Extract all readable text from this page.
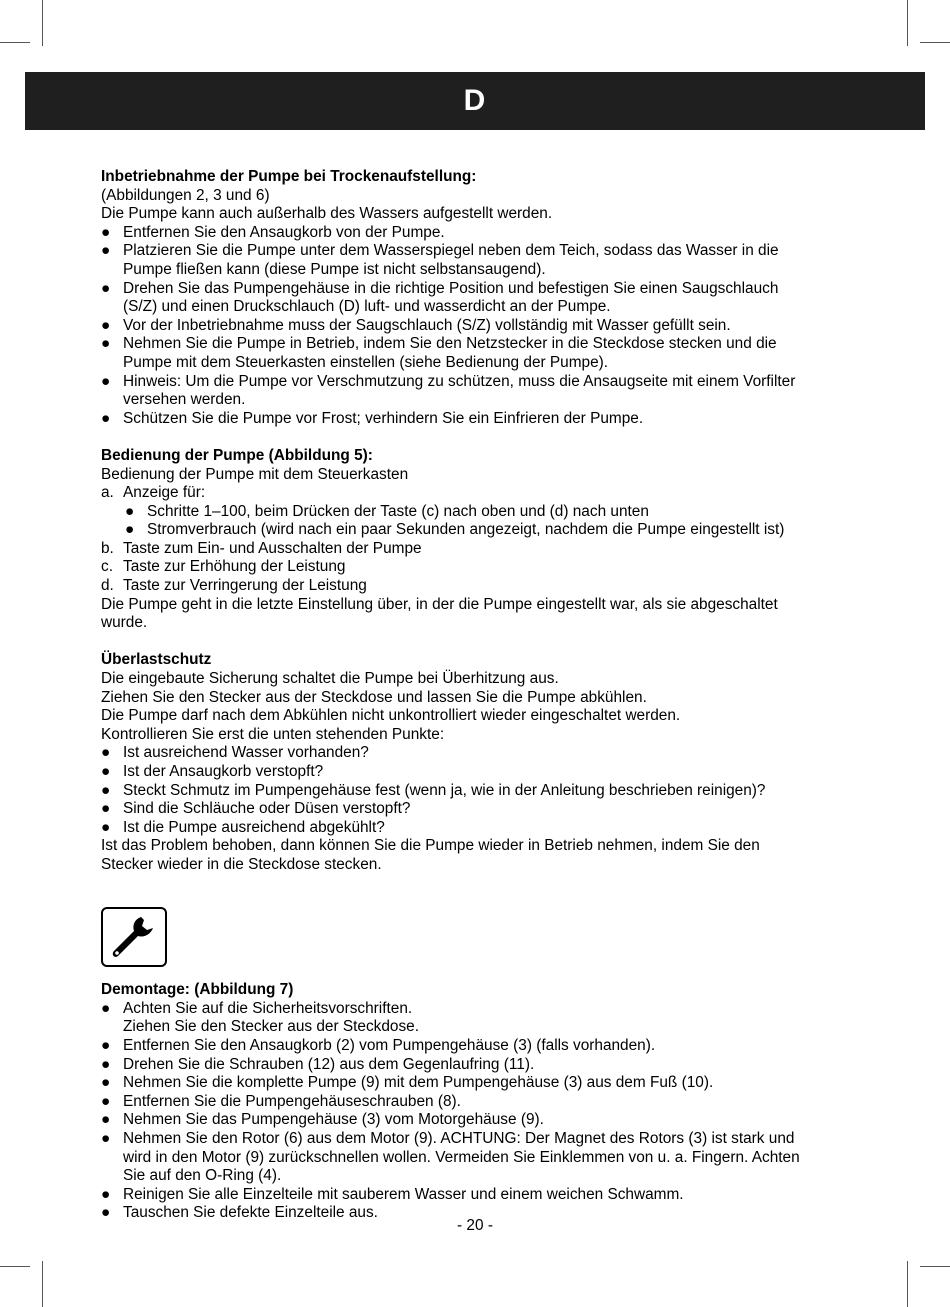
D
Inbetriebnahme der Pumpe bei Trockenaufstellung:
(Abbildungen 2, 3 und 6)
Die Pumpe kann auch außerhalb des Wassers aufgestellt werden.
● Entfernen Sie den Ansaugkorb von der Pumpe.
● Platzieren Sie die Pumpe unter dem Wasserspiegel neben dem Teich, sodass das Wasser in die
Pumpe fließen kann (diese Pumpe ist nicht selbstansaugend).
● Drehen Sie das Pumpengehäuse in die richtige Position und befestigen Sie einen Saugschlauch
(S/Z) und einen Druckschlauch (D) luft- und wasserdicht an der Pumpe.
● Vor der Inbetriebnahme muss der Saugschlauch (S/Z) vollständig mit Wasser gefüllt sein.
● Nehmen Sie die Pumpe in Betrieb, indem Sie den Netzstecker in die Steckdose stecken und die
Pumpe mit dem Steuerkasten einstellen (siehe Bedienung der Pumpe).
● Hinweis: Um die Pumpe vor Verschmutzung zu schützen, muss die Ansaugseite mit einem Vorfilter
versehen werden.
● Schützen Sie die Pumpe vor Frost; verhindern Sie ein Einfrieren der Pumpe.
Bedienung der Pumpe (Abbildung 5):
Bedienung der Pumpe mit dem Steuerkasten
a. Anzeige für:
● Schritte 1–100, beim Drücken der Taste (c) nach oben und (d) nach unten
● Stromverbrauch (wird nach ein paar Sekunden angezeigt, nachdem die Pumpe eingestellt ist)
b. Taste zum Ein- und Ausschalten der Pumpe
c. Taste zur Erhöhung der Leistung
d. Taste zur Verringerung der Leistung
Die Pumpe geht in die letzte Einstellung über, in der die Pumpe eingestellt war, als sie abgeschaltet
wurde.
Überlastschutz
Die eingebaute Sicherung schaltet die Pumpe bei Überhitzung aus.
Ziehen Sie den Stecker aus der Steckdose und lassen Sie die Pumpe abkühlen.
Die Pumpe darf nach dem Abkühlen nicht unkontrolliert wieder eingeschaltet werden.
Kontrollieren Sie erst die unten stehenden Punkte:
● Ist ausreichend Wasser vorhanden?
● Ist der Ansaugkorb verstopft?
● Steckt Schmutz im Pumpengehäuse fest (wenn ja, wie in der Anleitung beschrieben reinigen)?
● Sind die Schläuche oder Düsen verstopft?
● Ist die Pumpe ausreichend abgekühlt?
Ist das Problem behoben, dann können Sie die Pumpe wieder in Betrieb nehmen, indem Sie den
Stecker wieder in die Steckdose stecken.
Demontage: (Abbildung 7)
● Achten Sie auf die Sicherheitsvorschriften.
Ziehen Sie den Stecker aus der Steckdose.
● Entfernen Sie den Ansaugkorb (2) vom Pumpengehäuse (3) (falls vorhanden).
● Drehen Sie die Schrauben (12) aus dem Gegenlaufring (11).
● Nehmen Sie die komplette Pumpe (9) mit dem Pumpengehäuse (3) aus dem Fuß (10).
● Entfernen Sie die Pumpengehäuseschrauben (8).
● Nehmen Sie das Pumpengehäuse (3) vom Motorgehäuse (9).
● Nehmen Sie den Rotor (6) aus dem Motor (9). ACHTUNG: Der Magnet des Rotors (3) ist stark und
wird in den Motor (9) zurückschnellen wollen. Vermeiden Sie Einklemmen von u. a. Fingern. Achten
Sie auf den O-Ring (4).
● Reinigen Sie alle Einzelteile mit sauberem Wasser und einem weichen Schwamm.
● Tauschen Sie defekte Einzelteile aus.
- 20 -
